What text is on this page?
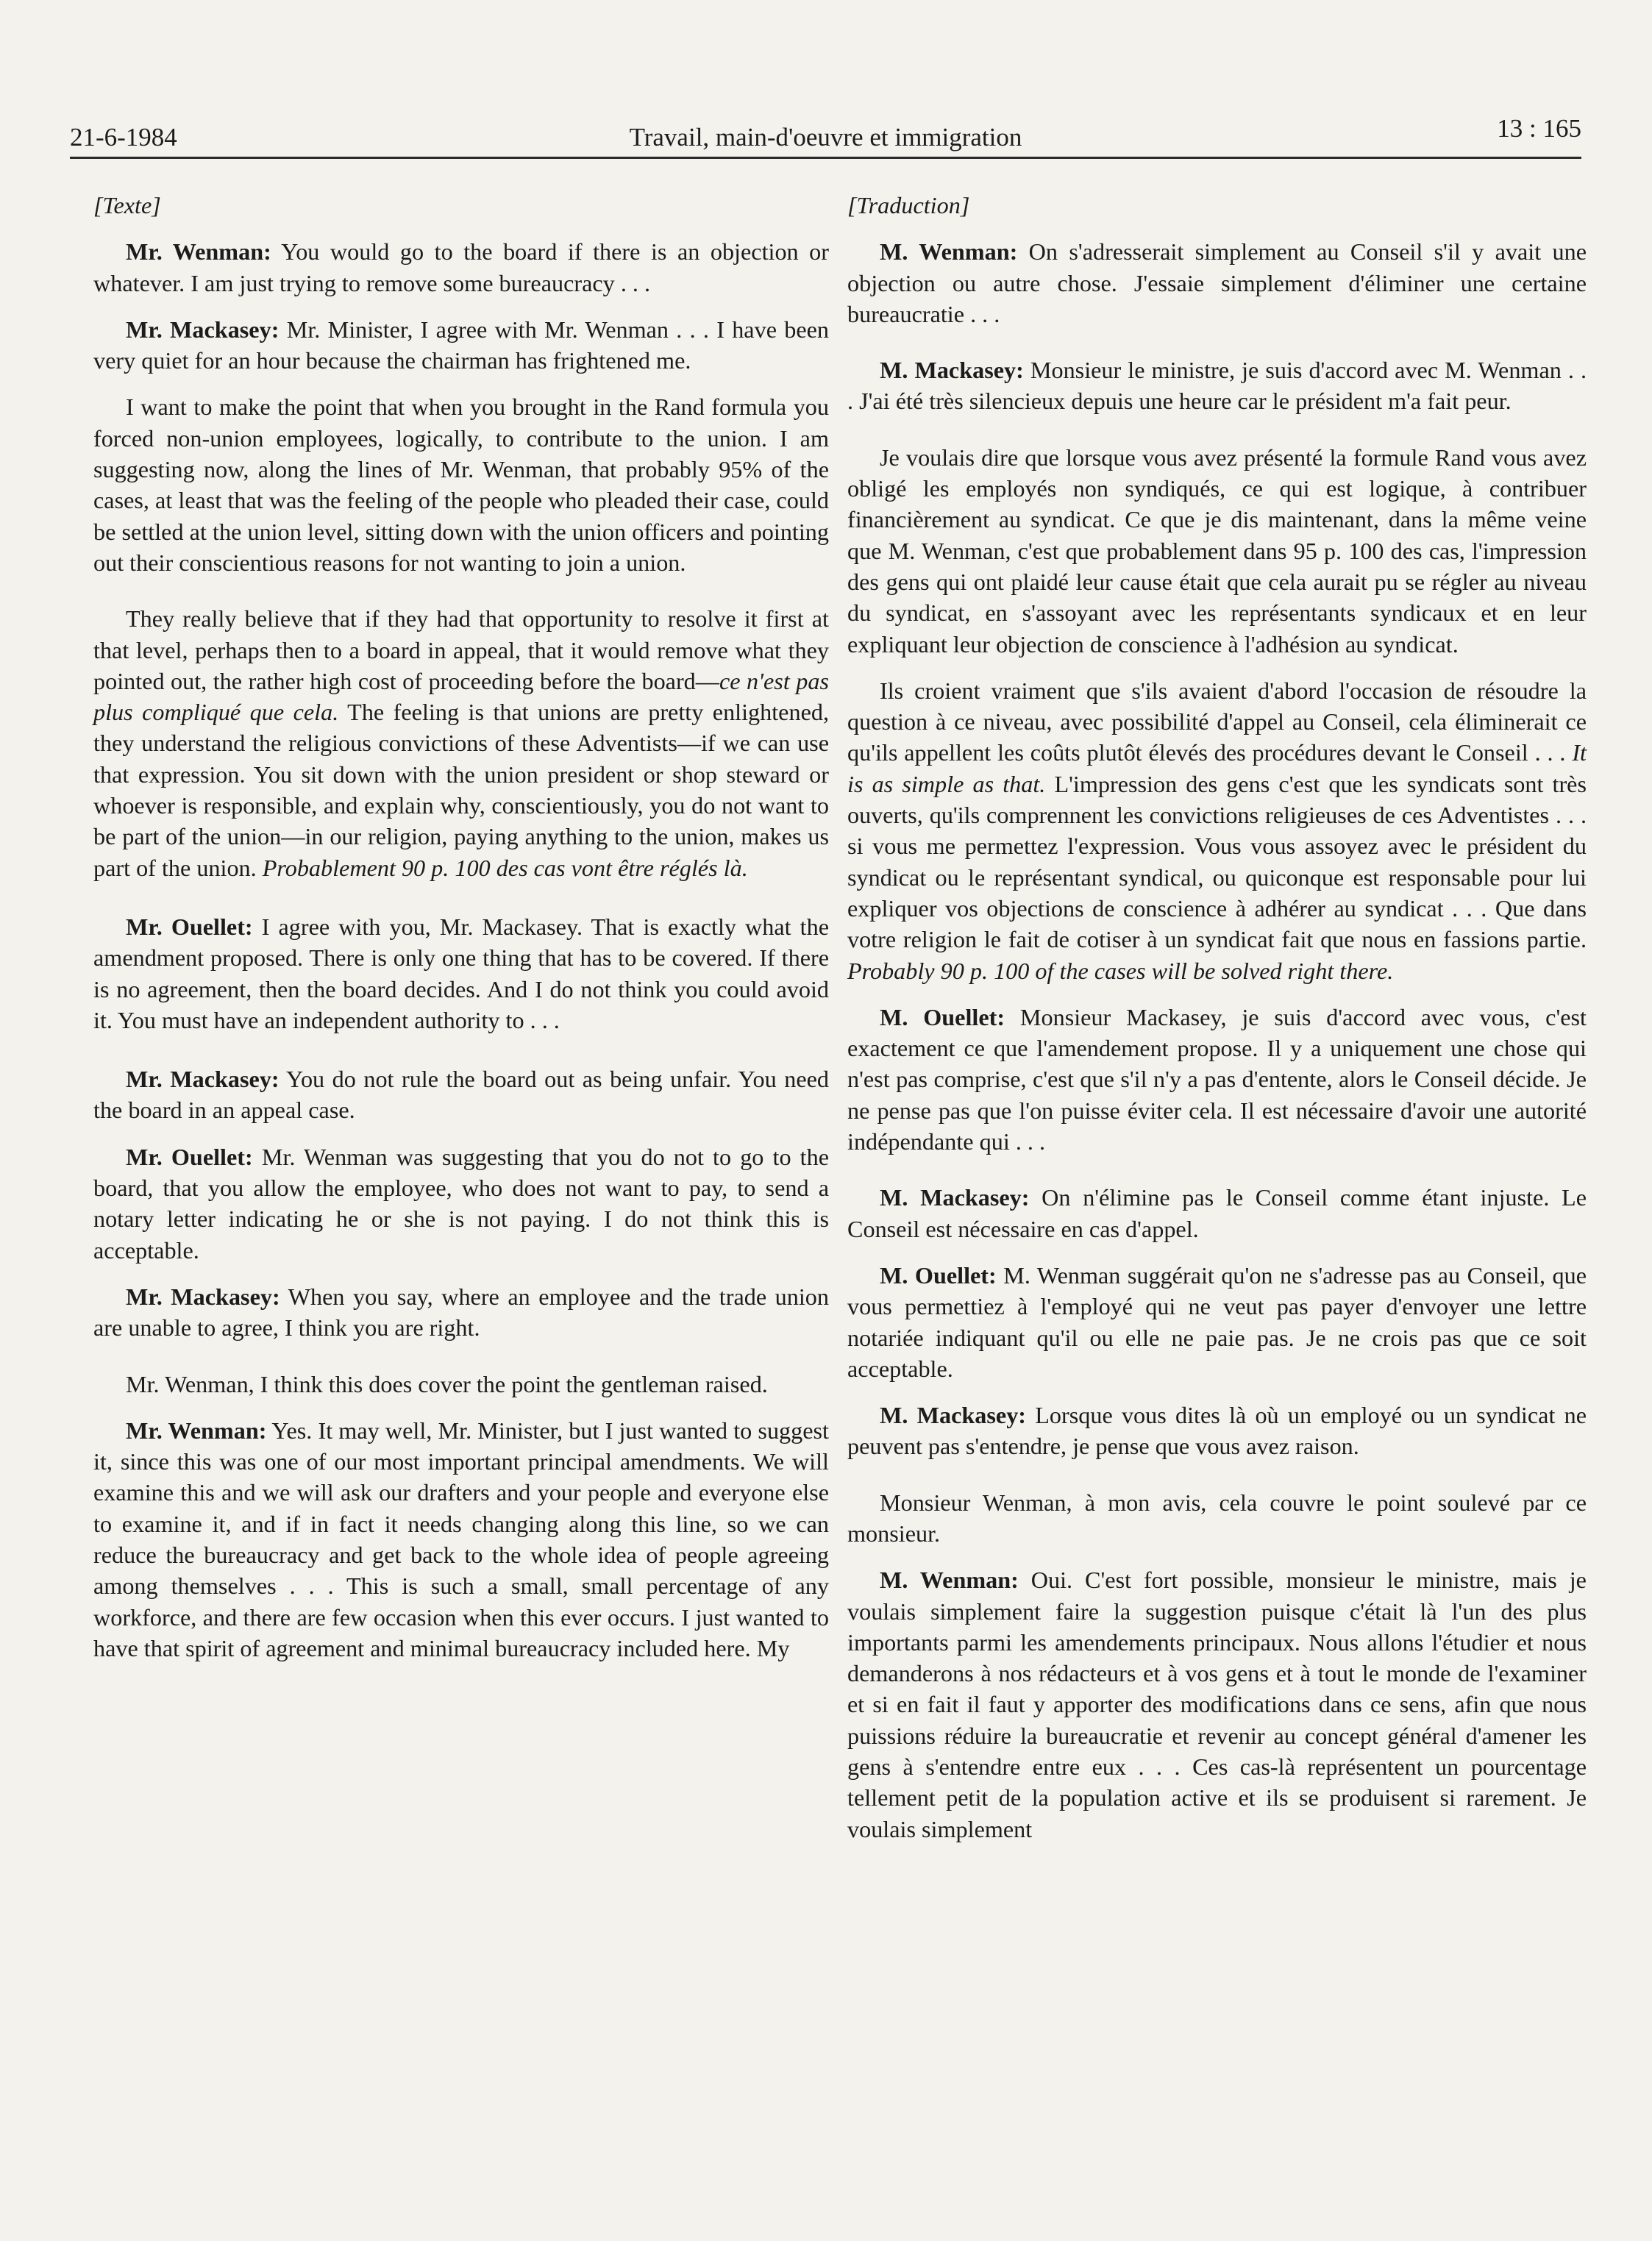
21-6-1984	Travail, main-d'oeuvre et immigration	13 : 165

[Texte]

Mr. Wenman: You would go to the board if there is an objection or whatever. I am just trying to remove some bureaucracy . . .

Mr. Mackasey: Mr. Minister, I agree with Mr. Wenman . . . I have been very quiet for an hour because the chairman has frightened me.

I want to make the point that when you brought in the Rand formula you forced non-union employees, logically, to contribute to the union. I am suggesting now, along the lines of Mr. Wenman, that probably 95% of the cases, at least that was the feeling of the people who pleaded their case, could be settled at the union level, sitting down with the union officers and pointing out their conscientious reasons for not wanting to join a union.

They really believe that if they had that opportunity to resolve it first at that level, perhaps then to a board in appeal, that it would remove what they pointed out, the rather high cost of proceeding before the board—ce n'est pas plus compliqué que cela. The feeling is that unions are pretty enlightened, they understand the religious convictions of these Adventists—if we can use that expression. You sit down with the union president or shop steward or whoever is responsible, and explain why, conscientiously, you do not want to be part of the union—in our religion, paying anything to the union, makes us part of the union. Probablement 90 p. 100 des cas vont être réglés là.

Mr. Ouellet: I agree with you, Mr. Mackasey. That is exactly what the amendment proposed. There is only one thing that has to be covered. If there is no agreement, then the board decides. And I do not think you could avoid it. You must have an independent authority to . . .

Mr. Mackasey: You do not rule the board out as being unfair. You need the board in an appeal case.

Mr. Ouellet: Mr. Wenman was suggesting that you do not to go to the board, that you allow the employee, who does not want to pay, to send a notary letter indicating he or she is not paying. I do not think this is acceptable.

Mr. Mackasey: When you say, where an employee and the trade union are unable to agree, I think you are right.

Mr. Wenman, I think this does cover the point the gentleman raised.

Mr. Wenman: Yes. It may well, Mr. Minister, but I just wanted to suggest it, since this was one of our most important principal amendments. We will examine this and we will ask our drafters and your people and everyone else to examine it, and if in fact it needs changing along this line, so we can reduce the bureaucracy and get back to the whole idea of people agreeing among themselves . . . This is such a small, small percentage of any workforce, and there are few occasion when this ever occurs. I just wanted to have that spirit of agreement and minimal bureaucracy included here. My

[Traduction]

M. Wenman: On s'adresserait simplement au Conseil s'il y avait une objection ou autre chose. J'essaie simplement d'éliminer une certaine bureaucratie . . .

M. Mackasey: Monsieur le ministre, je suis d'accord avec M. Wenman . . . J'ai été très silencieux depuis une heure car le président m'a fait peur.

Je voulais dire que lorsque vous avez présenté la formule Rand vous avez obligé les employés non syndiqués, ce qui est logique, à contribuer financièrement au syndicat. Ce que je dis maintenant, dans la même veine que M. Wenman, c'est que probablement dans 95 p. 100 des cas, l'impression des gens qui ont plaidé leur cause était que cela aurait pu se régler au niveau du syndicat, en s'assoyant avec les représentants syndicaux et en leur expliquant leur objection de conscience à l'adhésion au syndicat.

Ils croient vraiment que s'ils avaient d'abord l'occasion de résoudre la question à ce niveau, avec possibilité d'appel au Conseil, cela éliminerait ce qu'ils appellent les coûts plutôt élevés des procédures devant le Conseil . . . It is as simple as that. L'impression des gens c'est que les syndicats sont très ouverts, qu'ils comprennent les convictions religieuses de ces Adventistes . . . si vous me permettez l'expression. Vous vous assoyez avec le président du syndicat ou le représentant syndical, ou quiconque est responsable pour lui expliquer vos objections de conscience à adhérer au syndicat . . . Que dans votre religion le fait de cotiser à un syndicat fait que nous en fassions partie. Probably 90 p. 100 of the cases will be solved right there.

M. Ouellet: Monsieur Mackasey, je suis d'accord avec vous, c'est exactement ce que l'amendement propose. Il y a uniquement une chose qui n'est pas comprise, c'est que s'il n'y a pas d'entente, alors le Conseil décide. Je ne pense pas que l'on puisse éviter cela. Il est nécessaire d'avoir une autorité indépendante qui . . .

M. Mackasey: On n'élimine pas le Conseil comme étant injuste. Le Conseil est nécessaire en cas d'appel.

M. Ouellet: M. Wenman suggérait qu'on ne s'adresse pas au Conseil, que vous permettiez à l'employé qui ne veut pas payer d'envoyer une lettre notariée indiquant qu'il ou elle ne paie pas. Je ne crois pas que ce soit acceptable.

M. Mackasey: Lorsque vous dites là où un employé ou un syndicat ne peuvent pas s'entendre, je pense que vous avez raison.

Monsieur Wenman, à mon avis, cela couvre le point soulevé par ce monsieur.

M. Wenman: Oui. C'est fort possible, monsieur le ministre, mais je voulais simplement faire la suggestion puisque c'était là l'un des plus importants parmi les amendements principaux. Nous allons l'étudier et nous demanderons à nos rédacteurs et à vos gens et à tout le monde de l'examiner et si en fait il faut y apporter des modifications dans ce sens, afin que nous puissions réduire la bureaucratie et revenir au concept général d'amener les gens à s'entendre entre eux . . . Ces cas-là représentent un pourcentage tellement petit de la population active et ils se produisent si rarement. Je voulais simplement
